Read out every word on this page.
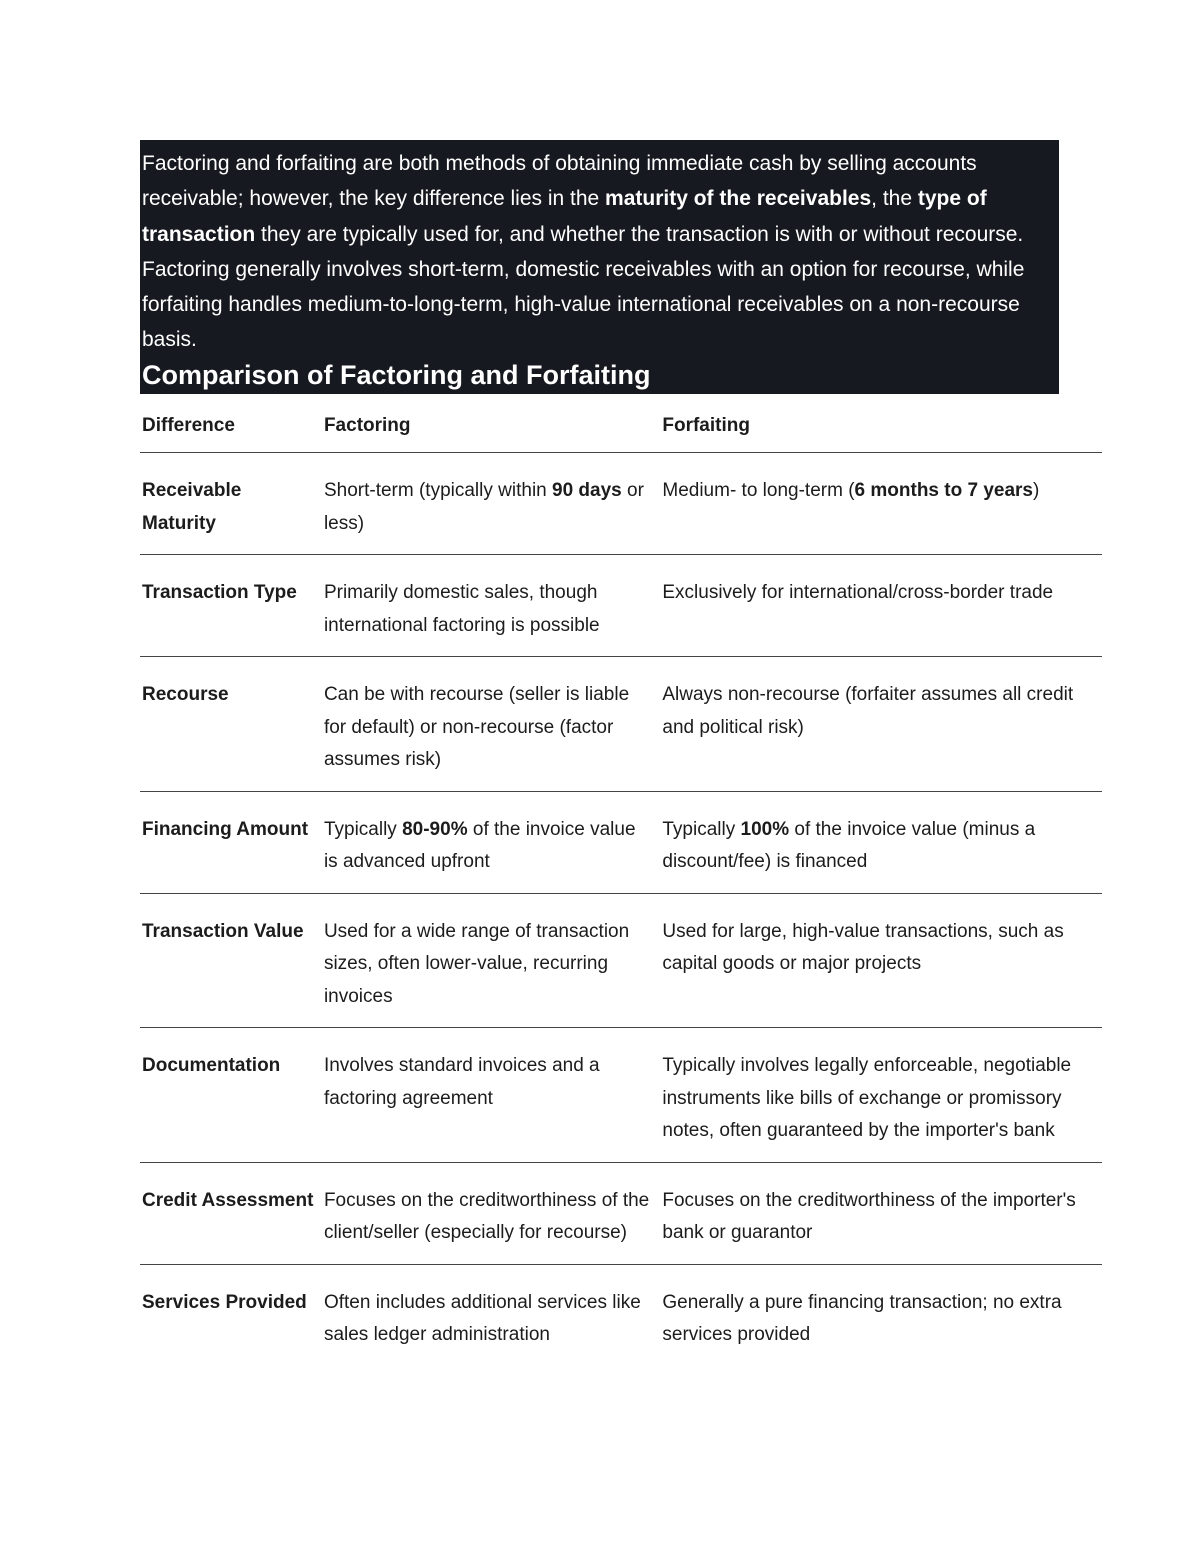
Factoring and forfaiting are both methods of obtaining immediate cash by selling accounts receivable; however, the key difference lies in the maturity of the receivables, the type of transaction they are typically used for, and whether the transaction is with or without recourse. Factoring generally involves short-term, domestic receivables with an option for recourse, while forfaiting handles medium-to-long-term, high-value international receivables on a non-recourse basis.

Comparison of Factoring and Forfaiting
Difference	Factoring	Forfaiting
Receivable Maturity	Short-term (typically within 90 days or less)	Medium- to long-term (6 months to 7 years)
Transaction Type	Primarily domestic sales, though international factoring is possible	Exclusively for international/cross-border trade
Recourse	Can be with recourse (seller is liable for default) or non-recourse (factor assumes risk)	Always non-recourse (forfaiter assumes all credit and political risk)
Financing Amount	Typically 80-90% of the invoice value is advanced upfront	Typically 100% of the invoice value (minus a discount/fee) is financed
Transaction Value	Used for a wide range of transaction sizes, often lower-value, recurring invoices	Used for large, high-value transactions, such as capital goods or major projects
Documentation	Involves standard invoices and a factoring agreement	Typically involves legally enforceable, negotiable instruments like bills of exchange or promissory notes, often guaranteed by the importer's bank
Credit Assessment	Focuses on the creditworthiness of the client/seller (especially for recourse)	Focuses on the creditworthiness of the importer's bank or guarantor
Services Provided	Often includes additional services like sales ledger administration	Generally a pure financing transaction; no extra services provided
